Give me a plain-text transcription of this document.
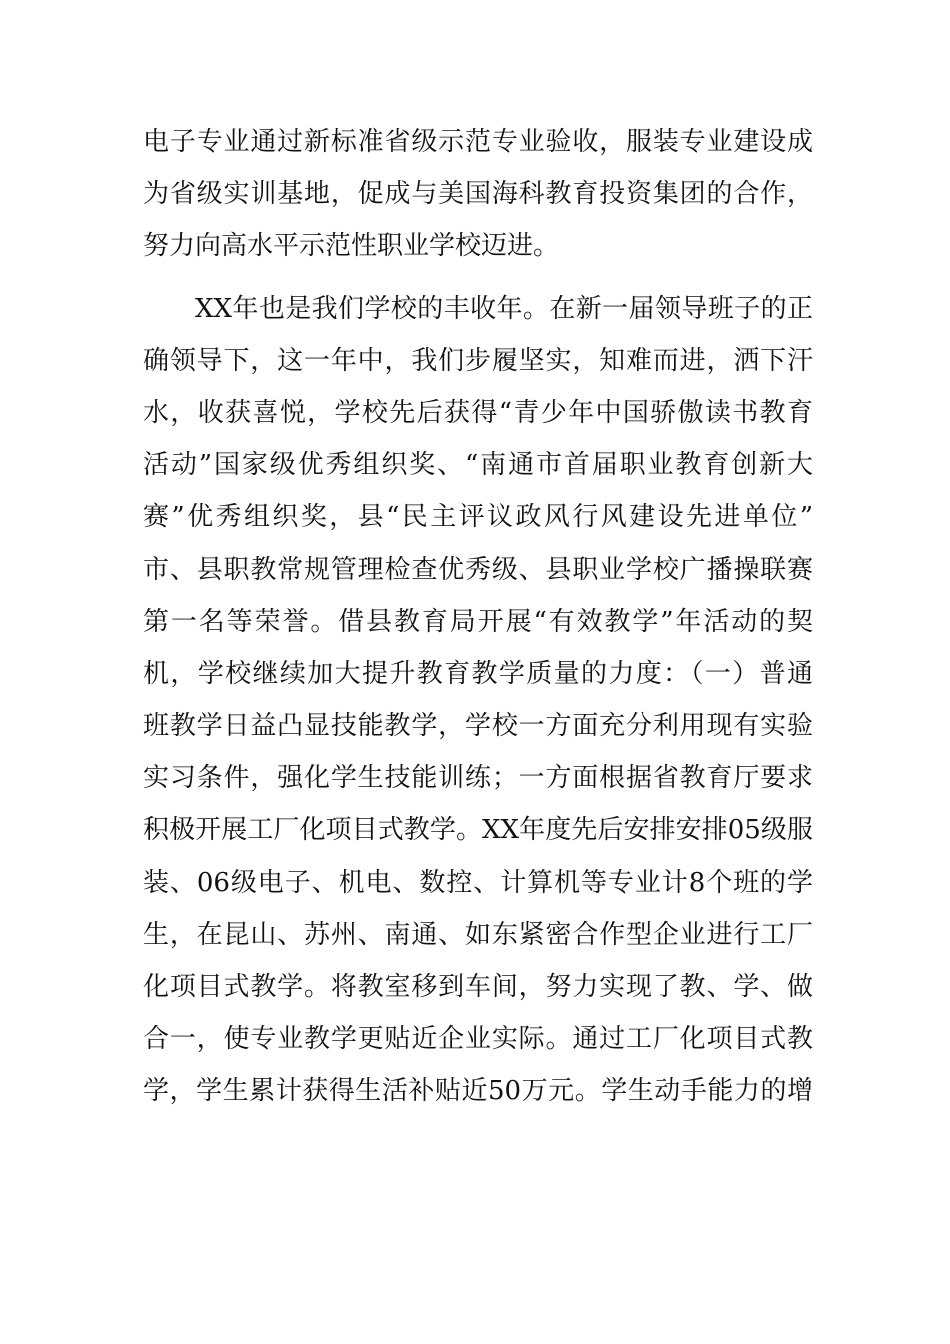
电子专业通过新标准省级示范专业验收，服装专业建设成
为省级实训基地，促成与美国海科教育投资集团的合作，
努力向高水平示范性职业学校迈进。
XX年也是我们学校的丰收年。在新一届领导班子的正
确领导下，这一年中，我们步履坚实，知难而进，洒下汗
水，收获喜悦，学校先后获得“青少年中国骄傲读书教育
活动”国家级优秀组织奖、“南通市首届职业教育创新大
赛”优秀组织奖，县“民主评议政风行风建设先进单位”
市、县职教常规管理检查优秀级、县职业学校广播操联赛
第一名等荣誉。借县教育局开展“有效教学”年活动的契
机，学校继续加大提升教育教学质量的力度：（一）普通
班教学日益凸显技能教学，学校一方面充分利用现有实验
实习条件，强化学生技能训练；一方面根据省教育厅要求
积极开展工厂化项目式教学。XX年度先后安排安排05级服
装、06级电子、机电、数控、计算机等专业计8个班的学
生，在昆山、苏州、南通、如东紧密合作型企业进行工厂
化项目式教学。将教室移到车间，努力实现了教、学、做
合一，使专业教学更贴近企业实际。通过工厂化项目式教
学，学生累计获得生活补贴近50万元。学生动手能力的增
